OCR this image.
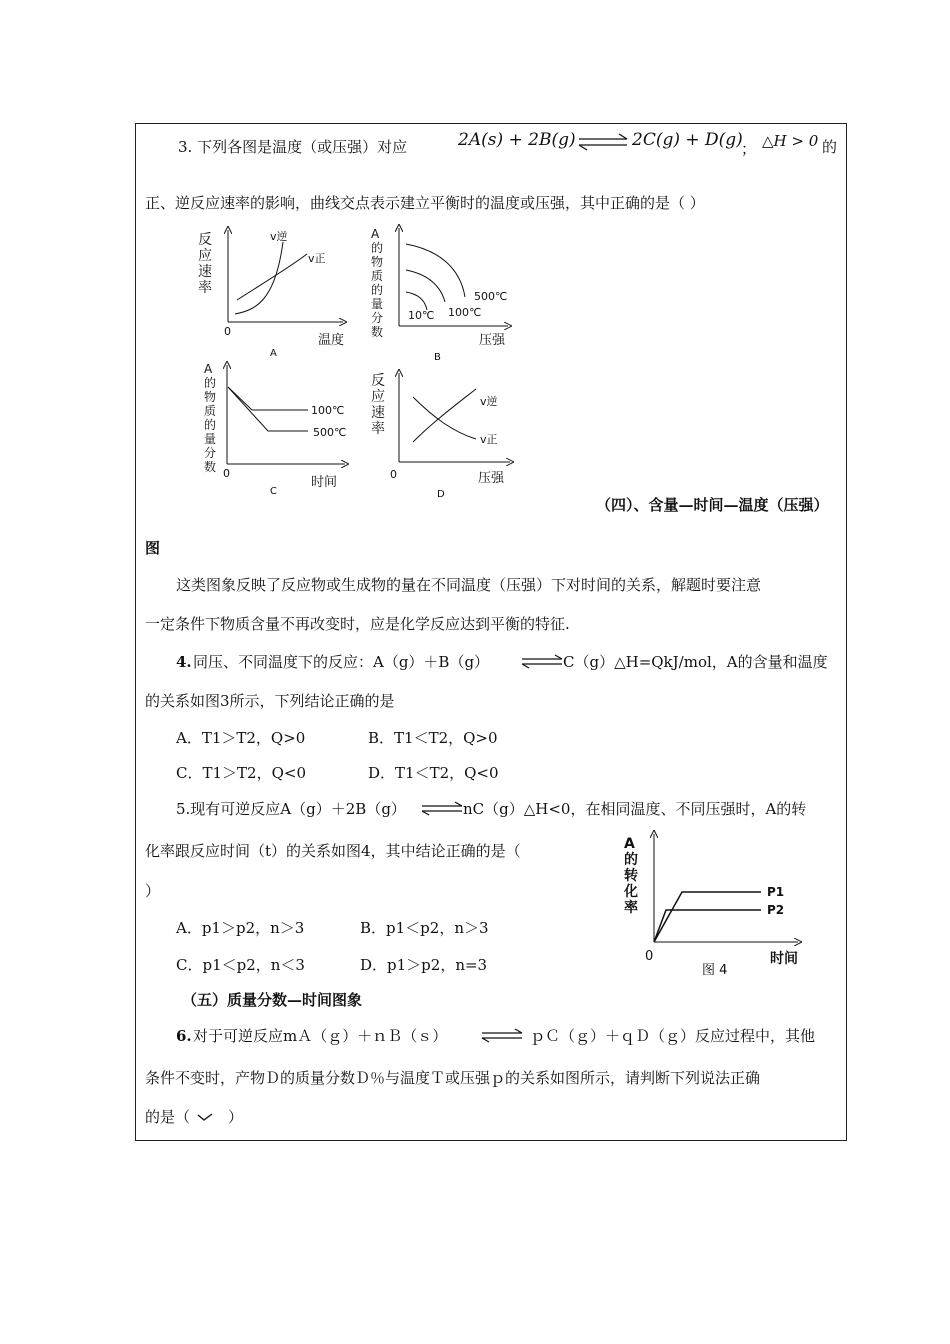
3. 下列各图是温度（或压强）对应	2A(s) + 2B(g) ⇌ 2C(g) + D(g)
； △H > 0 的
正、逆反应速率的影响，曲线交点表示建立平衡时的温度或压强，其中正确的是（ ）
反
应
速
率
v逆
v正
0
温度
A
A
的
物
质
的
量
分
数
500℃
100℃
10℃
压强
B
A
的
物
质
的
量
分
数
100℃
500℃
0
时间
C
反
应
速
率
v逆
v正
0	压强
D
（四）、含量—时间—温度（压强）
图
这类图象反映了反应物或生成物的量在不同温度（压强）下对时间的关系，解题时要注意
一定条件下物质含量不再改变时，应是化学反应达到平衡的特征.
4. 同压、不同温度下的反应：A（g）＋B（g） ⇌ C（g）△H=QkJ/mol，A的含量和温度
的关系如图3所示，下列结论正确的是
A．T1＞T2，Q>0	B．T1＜T2，Q>0
C．T1＞T2，Q<0	D．T1＜T2，Q<0
5.现有可逆反应A（g）＋2B（g） ⇌ nC（g）△H<0，在相同温度、不同压强时，A的转
化率跟反应时间（t）的关系如图4，其中结论正确的是（
）
A．p1＞p2，n＞3	B．p1＜p2，n＞3
C．p1＜p2，n＜3	D．p1＞p2，n=3
A
的
转
化
率
P1
P2
0	时间
图 4
（五）质量分数—时间图象
6. 对于可逆反应mＡ（ｇ）＋ｎＢ（ｓ） ⇌ ｐＣ（ｇ）＋ｑＤ（ｇ）反应过程中，其他
条件不变时，产物Ｄ的质量分数Ｄ％与温度Ｔ或压强ｐ的关系如图所示，请判断下列说法正确
的是（	）
